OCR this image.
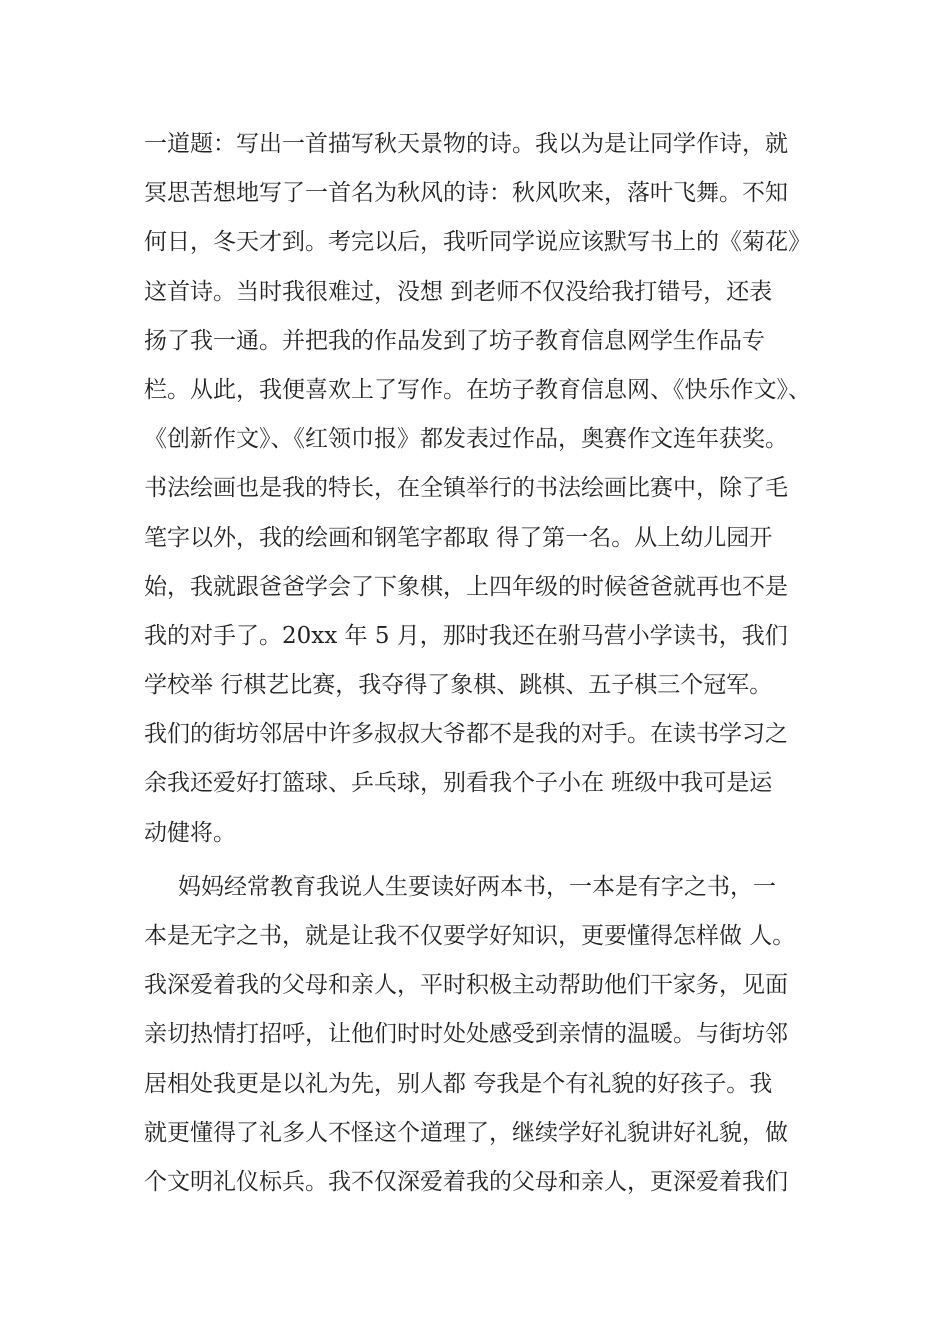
一道题：写出一首描写秋天景物的诗。我以为是让同学作诗，就
冥思苦想地写了一首名为秋风的诗：秋风吹来，落叶飞舞。不知
何日，冬天才到。考完以后，我听同学说应该默写书上的《菊花》
这首诗。当时我很难过，没想 到老师不仅没给我打错号，还表
扬了我一通。并把我的作品发到了坊子教育信息网学生作品专
栏。从此，我便喜欢上了写作。在坊子教育信息网、《快乐作文》、
《创新作文》、《红领巾报》都发表过作品，奥赛作文连年获奖。
书法绘画也是我的特长，在全镇举行的书法绘画比赛中，除了毛
笔字以外，我的绘画和钢笔字都取 得了第一名。从上幼儿园开
始，我就跟爸爸学会了下象棋，上四年级的时候爸爸就再也不是
我的对手了。20xx 年 5 月，那时我还在驸马营小学读书，我们
学校举 行棋艺比赛，我夺得了象棋、跳棋、五子棋三个冠军。
我们的街坊邻居中许多叔叔大爷都不是我的对手。在读书学习之
余我还爱好打篮球、乒乓球，别看我个子小在 班级中我可是运
动健将。
妈妈经常教育我说人生要读好两本书，一本是有字之书，一
本是无字之书，就是让我不仅要学好知识，更要懂得怎样做 人。
我深爱着我的父母和亲人，平时积极主动帮助他们干家务，见面
亲切热情打招呼，让他们时时处处感受到亲情的温暖。与街坊邻
居相处我更是以礼为先，别人都 夸我是个有礼貌的好孩子。我
就更懂得了礼多人不怪这个道理了，继续学好礼貌讲好礼貌，做
个文明礼仪标兵。我不仅深爱着我的父母和亲人，更深爱着我们
